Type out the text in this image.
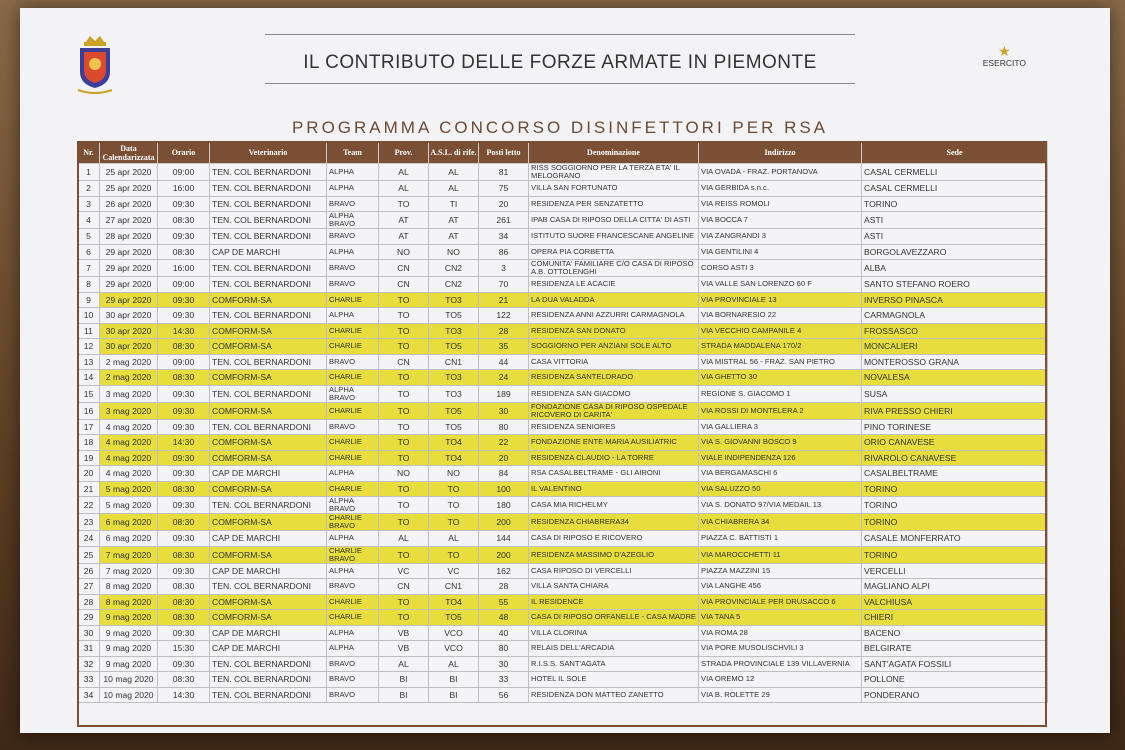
IL CONTRIBUTO DELLE FORZE ARMATE IN PIEMONTE
★
ESERCITO
PROGRAMMA CONCORSO DISINFETTORI PER RSA
Nr.	Data Calendarizzata	Orario	Veterinario	Team	Prov.	A.S.L. di rife.	Posti letto	Denominazione	Indirizzo	Sede
1	25 apr 2020	09:00	TEN. COL BERNARDONI	ALPHA	AL	AL	81	RISS SOGGIORNO PER LA TERZA ETA' IL MELOGRANO	VIA OVADA - FRAZ. PORTANOVA	CASAL CERMELLI
2	25 apr 2020	16:00	TEN. COL BERNARDONI	ALPHA	AL	AL	75	VILLA SAN FORTUNATO	VIA GERBIDA s.n.c.	CASAL CERMELLI
3	26 apr 2020	09:30	TEN. COL BERNARDONI	BRAVO	TO	TI	20	RESIDENZA PER SENZATETTO	VIA REISS ROMOLI	TORINO
4	27 apr 2020	08:30	TEN. COL BERNARDONI	ALPHA BRAVO	AT	AT	261	IPAB CASA DI RIPOSO DELLA CITTA' DI ASTI	VIA BOCCA 7	ASTI
5	28 apr 2020	09:30	TEN. COL BERNARDONI	BRAVO	AT	AT	34	ISTITUTO SUORE FRANCESCANE ANGELINE	VIA ZANGRANDI 3	ASTI
6	29 apr 2020	08:30	CAP DE MARCHI	ALPHA	NO	NO	86	OPERA PIA CORBETTA	VIA GENTILINI 4	BORGOLAVEZZARO
7	29 apr 2020	16:00	TEN. COL BERNARDONI	BRAVO	CN	CN2	3	COMUNITA' FAMILIARE C/O CASA DI RIPOSO A.B. OTTOLENGHI	CORSO ASTI 3	ALBA
8	29 apr 2020	09:00	TEN. COL BERNARDONI	BRAVO	CN	CN2	70	RESIDENZA LE ACACIE	VIA VALLE SAN LORENZO 60 F	SANTO STEFANO ROERO
9	29 apr 2020	09:30	COMFORM-SA	CHARLIE	TO	TO3	21	LA DUA VALADDA	VIA PROVINCIALE 13	INVERSO PINASCA
10	30 apr 2020	09:30	TEN. COL BERNARDONI	ALPHA	TO	TO5	122	RESIDENZA ANNI AZZURRI CARMAGNOLA	VIA BORNARESIO 22	CARMAGNOLA
11	30 apr 2020	14:30	COMFORM-SA	CHARLIE	TO	TO3	28	RESIDENZA SAN DONATO	VIA VECCHIO CAMPANILE 4	FROSSASCO
12	30 apr 2020	08:30	COMFORM-SA	CHARLIE	TO	TO5	35	SOGGIORNO PER ANZIANI SOLE ALTO	STRADA MADDALENA 170/2	MONCALIERI
13	2 mag 2020	09:00	TEN. COL BERNARDONI	BRAVO	CN	CN1	44	CASA VITTORIA	VIA MISTRAL 56 - FRAZ. SAN PIETRO	MONTEROSSO GRANA
14	2 mag 2020	08:30	COMFORM-SA	CHARLIE	TO	TO3	24	RESIDENZA SANTELDRADO	VIA GHETTO 30	NOVALESA
15	3 mag 2020	09:30	TEN. COL BERNARDONI	ALPHA BRAVO	TO	TO3	189	RESIDENZA SAN GIACOMO	REGIONE S. GIACOMO 1	SUSA
16	3 mag 2020	09:30	COMFORM-SA	CHARLIE	TO	TO5	30	FONDAZIONE CASA DI RIPOSO OSPEDALE RICOVERO DI CARITA'	VIA ROSSI DI MONTELERA 2	RIVA PRESSO CHIERI
17	4 mag 2020	09:30	TEN. COL BERNARDONI	BRAVO	TO	TO5	80	RESIDENZA SENIORES	VIA GALLIERA 3	PINO TORINESE
18	4 mag 2020	14:30	COMFORM-SA	CHARLIE	TO	TO4	22	FONDAZIONE ENTE MARIA AUSILIATRIC	VIA S. GIOVANNI BOSCO 9	ORIO CANAVESE
19	4 mag 2020	09:30	COMFORM-SA	CHARLIE	TO	TO4	20	RESIDENZA CLAUDIO - LA TORRE	VIALE INDIPENDENZA 126	RIVAROLO CANAVESE
20	4 mag 2020	09:30	CAP DE MARCHI	ALPHA	NO	NO	84	RSA CASALBELTRAME - GLI AIRONI	VIA BERGAMASCHI 6	CASALBELTRAME
21	5 mag 2020	08:30	COMFORM-SA	CHARLIE	TO	TO	100	IL VALENTINO	VIA SALUZZO 50	TORINO
22	5 mag 2020	09:30	TEN. COL BERNARDONI	ALPHA BRAVO	TO	TO	180	CASA MIA RICHELMY	VIA S. DONATO 97/VIA MEDAIL 13	TORINO
23	6 mag 2020	08:30	COMFORM-SA	CHARLIE BRAVO	TO	TO	200	RESIDENZA CHIABRERA34	VIA CHIABRERA 34	TORINO
24	6 mag 2020	09:30	CAP DE MARCHI	ALPHA	AL	AL	144	CASA DI RIPOSO E RICOVERO	PIAZZA C. BATTISTI 1	CASALE MONFERRATO
25	7 mag 2020	08:30	COMFORM-SA	CHARLIE BRAVO	TO	TO	200	RESIDENZA MASSIMO D'AZEGLIO	VIA MAROCCHETTI 11	TORINO
26	7 mag 2020	09:30	CAP DE MARCHI	ALPHA	VC	VC	162	CASA RIPOSO DI VERCELLI	PIAZZA MAZZINI 15	VERCELLI
27	8 mag 2020	08:30	TEN. COL BERNARDONI	BRAVO	CN	CN1	28	VILLA SANTA CHIARA	VIA LANGHE 456	MAGLIANO ALPI
28	8 mag 2020	08:30	COMFORM-SA	CHARLIE	TO	TO4	55	IL RESIDENCE	VIA PROVINCIALE PER DRUSACCO 6	VALCHIUSA
29	9 mag 2020	08:30	COMFORM-SA	CHARLIE	TO	TO5	48	CASA DI RIPOSO ORFANELLE - CASA MADRE	VIA TANA 5	CHIERI
30	9 mag 2020	09:30	CAP DE MARCHI	ALPHA	VB	VCO	40	VILLA CLORINA	VIA ROMA 28	BACENO
31	9 mag 2020	15:30	CAP DE MARCHI	ALPHA	VB	VCO	80	RELAIS DELL'ARCADIA	VIA PORE MUSOLISCHVILI 3	BELGIRATE
32	9 mag 2020	09:30	TEN. COL BERNARDONI	BRAVO	AL	AL	30	R.I.S.S. SANT'AGATA	STRADA PROVINCIALE 139 VILLAVERNIA	SANT'AGATA FOSSILI
33	10 mag 2020	08:30	TEN. COL BERNARDONI	BRAVO	BI	BI	33	HOTEL IL SOLE	VIA OREMO 12	POLLONE
34	10 mag 2020	14:30	TEN. COL BERNARDONI	BRAVO	BI	BI	56	RESIDENZA DON MATTEO ZANETTO	VIA B. ROLETTE 29	PONDERANO
